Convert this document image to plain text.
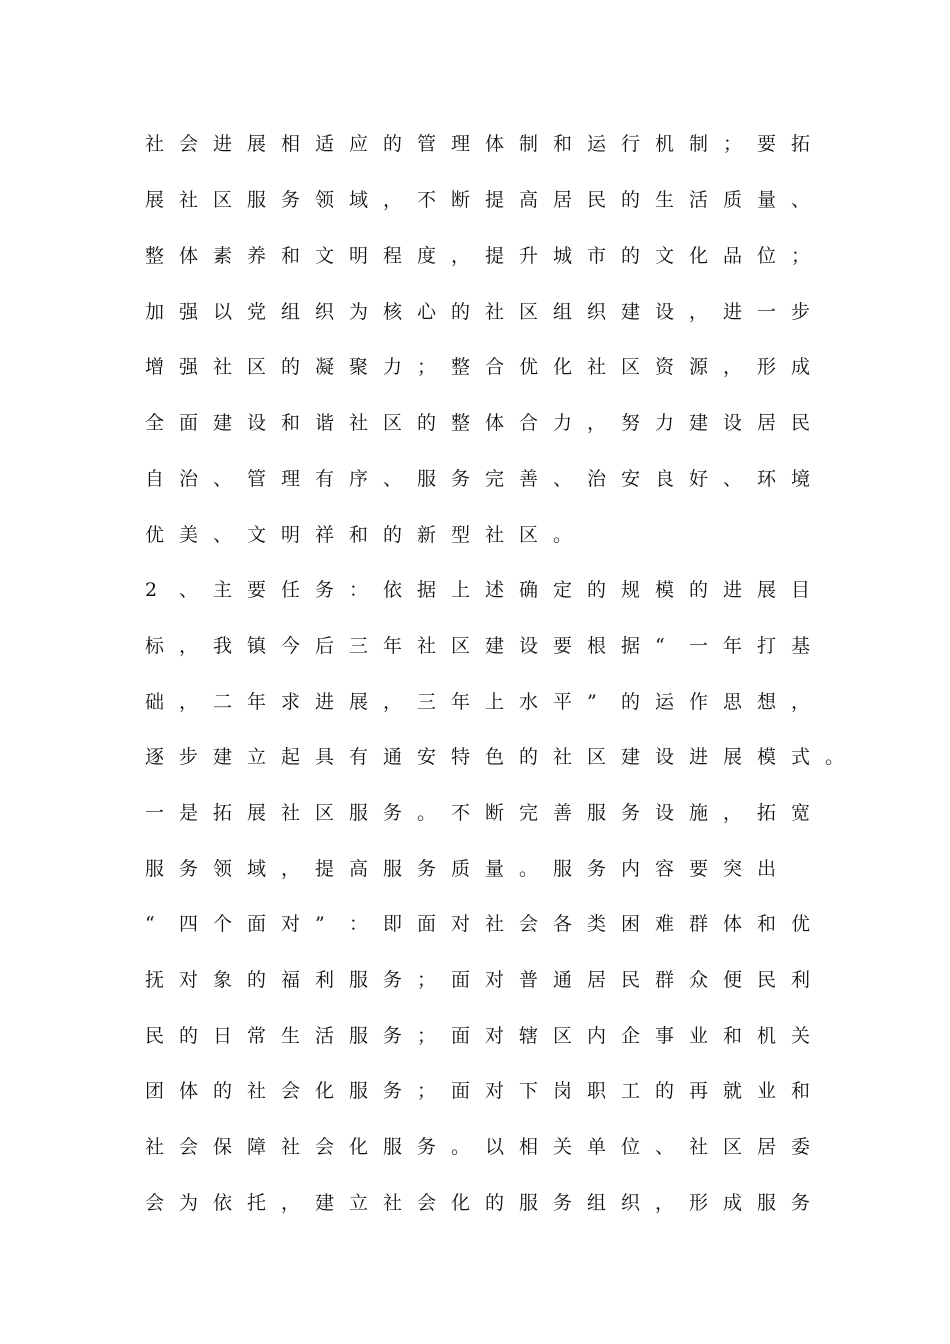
社 会 进 展 相 适 应 的 管 理 体 制 和 运 行 机 制 ； 要 拓
展 社 区 服 务 领 域 ， 不 断 提 高 居 民 的 生 活 质 量 、
整 体 素 养 和 文 明 程 度 ， 提 升 城 市 的 文 化 品 位 ；
加 强 以 党 组 织 为 核 心 的 社 区 组 织 建 设 ， 进 一 步
增 强 社 区 的 凝 聚 力 ； 整 合 优 化 社 区 资 源 ， 形 成
全 面 建 设 和 谐 社 区 的 整 体 合 力 ， 努 力 建 设 居 民
自 治 、 管 理 有 序 、 服 务 完 善 、 治 安 良 好 、 环 境
优 美 、 文 明 祥 和 的 新 型 社 区 。
2	、 主 要 任 务 ： 依 据 上 述 确 定 的 规 模 的 进 展 目
标 ， 我 镇 今 后 三 年 社 区 建 设 要 根 据 “	一 年 打 基
础 ， 二 年 求 进 展 ， 三 年 上 水 平 ”	的 运 作 思 想 ，
逐 步 建 立 起 具 有 通 安 特 色 的 社 区 建 设 进 展 模 式 。
一 是 拓 展 社 区 服 务 。 不 断 完 善 服 务 设 施 ， 拓 宽
服 务 领 域 ， 提 高 服 务 质 量 。 服 务 内 容 要 突 出
“	四 个 面 对 ”	： 即 面 对 社 会 各 类 困 难 群 体 和 优
抚 对 象 的 福 利 服 务 ； 面 对 普 通 居 民 群 众 便 民 利
民 的 日 常 生 活 服 务 ； 面 对 辖 区 内 企 事 业 和 机 关
团 体 的 社 会 化 服 务 ； 面 对 下 岗 职 工 的 再 就 业 和
社 会 保 障 社 会 化 服 务 。 以 相 关 单 位 、 社 区 居 委
会 为 依 托 ， 建 立 社 会 化 的 服 务 组 织 ， 形 成 服 务
